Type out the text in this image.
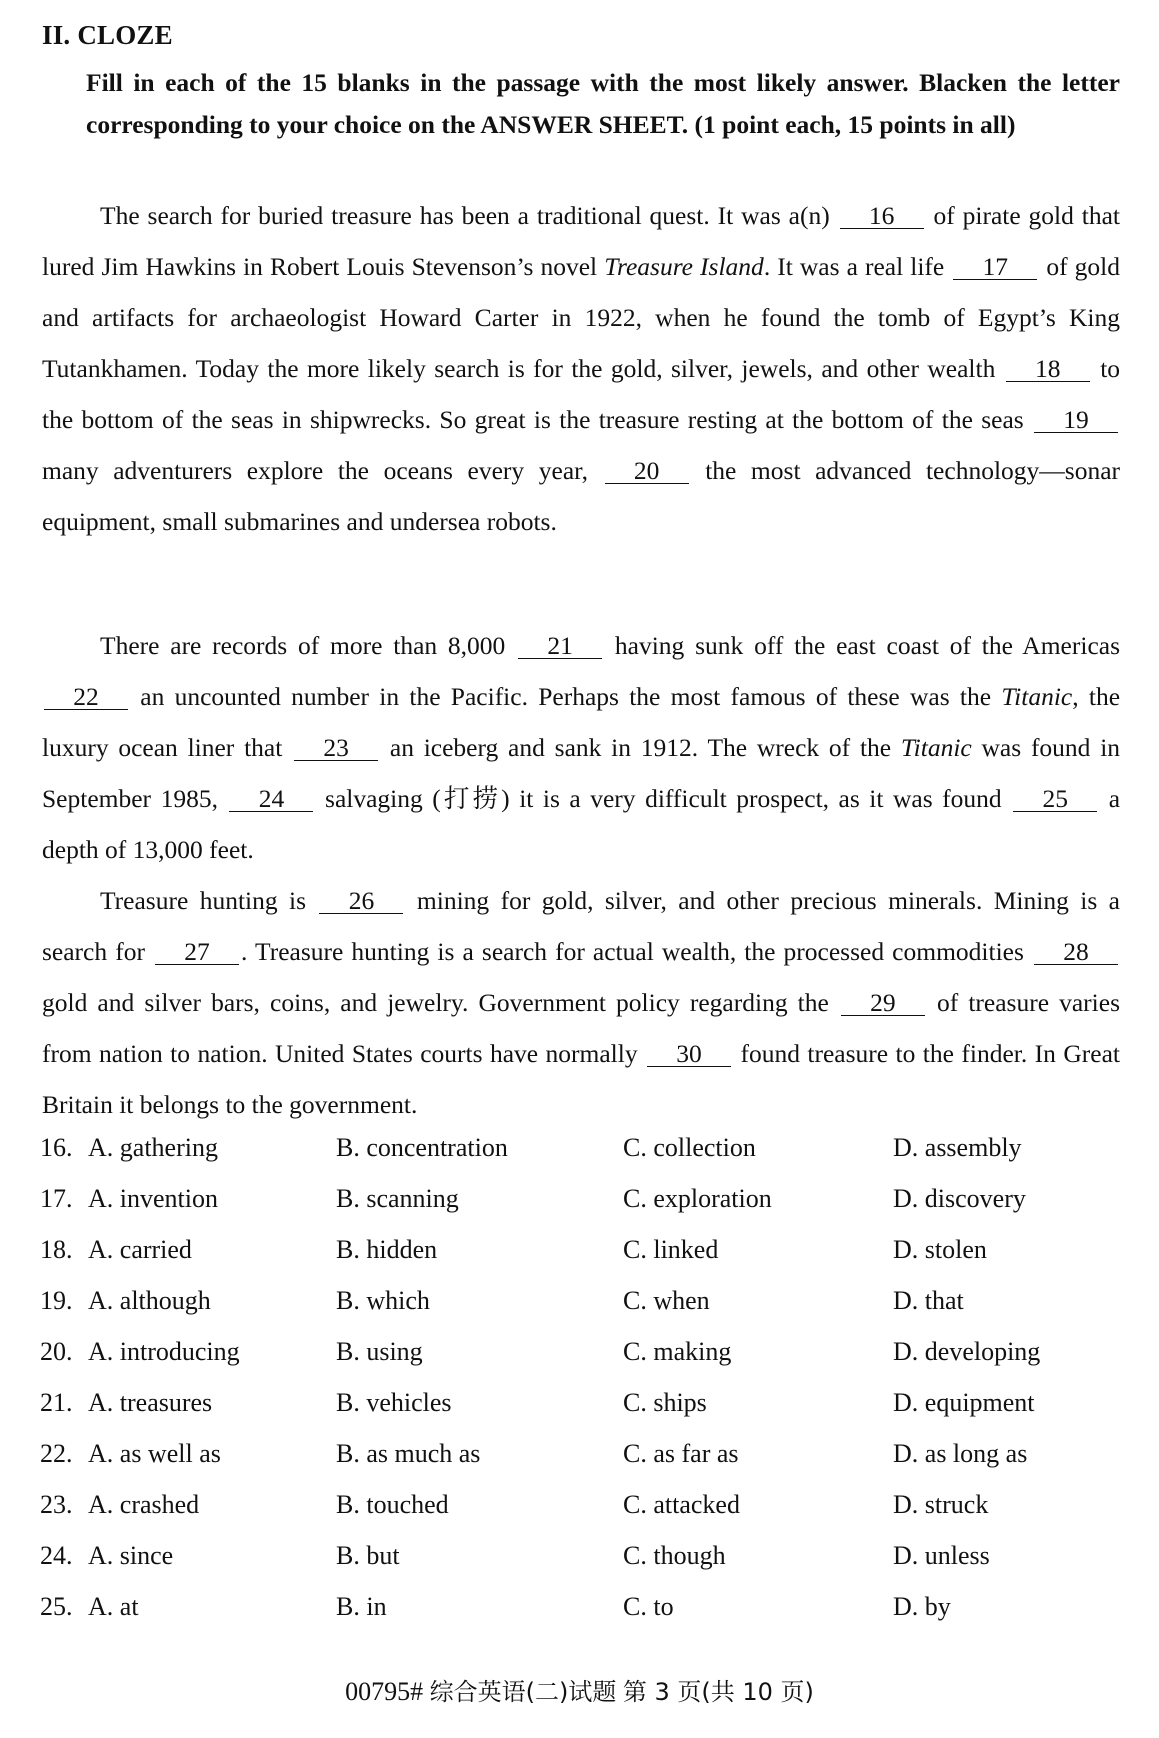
II. CLOZE
Fill in each of the 15 blanks in the passage with the most likely answer. Blacken the letter corresponding to your choice on the ANSWER SHEET. (1 point each, 15 points in all)

The search for buried treasure has been a traditional quest. It was a(n) 16 of pirate gold that lured Jim Hawkins in Robert Louis Stevenson’s novel Treasure Island. It was a real life 17 of gold and artifacts for archaeologist Howard Carter in 1922, when he found the tomb of Egypt’s King Tutankhamen. Today the more likely search is for the gold, silver, jewels, and other wealth 18 to the bottom of the seas in shipwrecks. So great is the treasure resting at the bottom of the seas 19 many adventurers explore the oceans every year, 20 the most advanced technology—sonar equipment, small submarines and undersea robots.

There are records of more than 8,000 21 having sunk off the east coast of the Americas 22 an uncounted number in the Pacific. Perhaps the most famous of these was the Titanic, the luxury ocean liner that 23 an iceberg and sank in 1912. The wreck of the Titanic was found in September 1985, 24 salvaging (打捞) it is a very difficult prospect, as it was found 25 a depth of 13,000 feet.

Treasure hunting is 26 mining for gold, silver, and other precious minerals. Mining is a search for 27 . Treasure hunting is a search for actual wealth, the processed commodities 28 gold and silver bars, coins, and jewelry. Government policy regarding the 29 of treasure varies from nation to nation. United States courts have normally 30 found treasure to the finder. In Great Britain it belongs to the government.

16. A. gathering	B. concentration	C. collection	D. assembly
17. A. invention	B. scanning	C. exploration	D. discovery
18. A. carried	B. hidden	C. linked	D. stolen
19. A. although	B. which	C. when	D. that
20. A. introducing	B. using	C. making	D. developing
21. A. treasures	B. vehicles	C. ships	D. equipment
22. A. as well as	B. as much as	C. as far as	D. as long as
23. A. crashed	B. touched	C. attacked	D. struck
24. A. since	B. but	C. though	D. unless
25. A. at	B. in	C. to	D. by
00795# 综合英语(二)试题 第 3 页(共 10 页)
